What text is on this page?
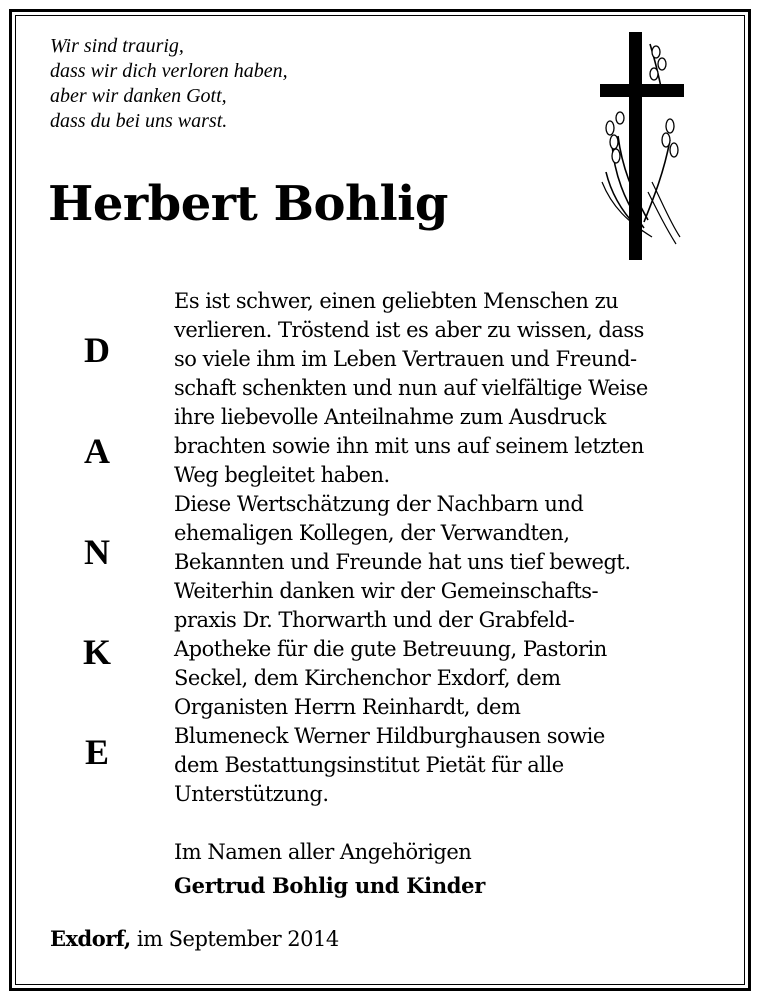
Wir sind traurig,
dass wir dich verloren haben,
aber wir danken Gott,
dass du bei uns warst.
Herbert Bohlig
D
A
N
K
E
Es ist schwer, einen geliebten Menschen zu
verlieren. Tröstend ist es aber zu wissen, dass
so viele ihm im Leben Vertrauen und Freund-
schaft schenkten und nun auf vielfältige Weise
ihre liebevolle Anteilnahme zum Ausdruck
brachten sowie ihn mit uns auf seinem letzten
Weg begleitet haben.
Diese Wertschätzung der Nachbarn und
ehemaligen Kollegen, der Verwandten,
Bekannten und Freunde hat uns tief bewegt.
Weiterhin danken wir der Gemeinschafts-
praxis Dr. Thorwarth und der Grabfeld-
Apotheke für die gute Betreuung, Pastorin
Seckel, dem Kirchenchor Exdorf, dem
Organisten Herrn Reinhardt, dem
Blumeneck Werner Hildburghausen sowie
dem Bestattungsinstitut Pietät für alle
Unterstützung.
Im Namen aller Angehörigen
Gertrud Bohlig und Kinder
Exdorf, im September 2014
